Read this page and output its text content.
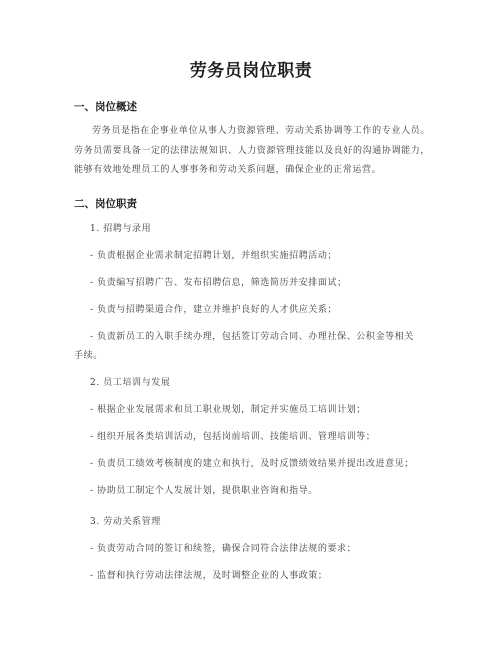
劳务员岗位职责
一、岗位概述
劳务员是指在企事业单位从事人力资源管理、劳动关系协调等工作的专业人员。劳务员需要具备一定的法律法规知识、人力资源管理技能以及良好的沟通协调能力，能够有效地处理员工的人事事务和劳动关系问题，确保企业的正常运营。
二、岗位职责
1. 招聘与录用
- 负责根据企业需求制定招聘计划，并组织实施招聘活动；
- 负责编写招聘广告、发布招聘信息，筛选简历并安排面试；
- 负责与招聘渠道合作，建立并维护良好的人才供应关系；
- 负责新员工的入职手续办理，包括签订劳动合同、办理社保、公积金等相关
手续。
2. 员工培训与发展
- 根据企业发展需求和员工职业规划，制定并实施员工培训计划；
- 组织开展各类培训活动，包括岗前培训、技能培训、管理培训等；
- 负责员工绩效考核制度的建立和执行，及时反馈绩效结果并提出改进意见；
- 协助员工制定个人发展计划，提供职业咨询和指导。
3. 劳动关系管理
- 负责劳动合同的签订和续签，确保合同符合法律法规的要求；
- 监督和执行劳动法律法规，及时调整企业的人事政策；
